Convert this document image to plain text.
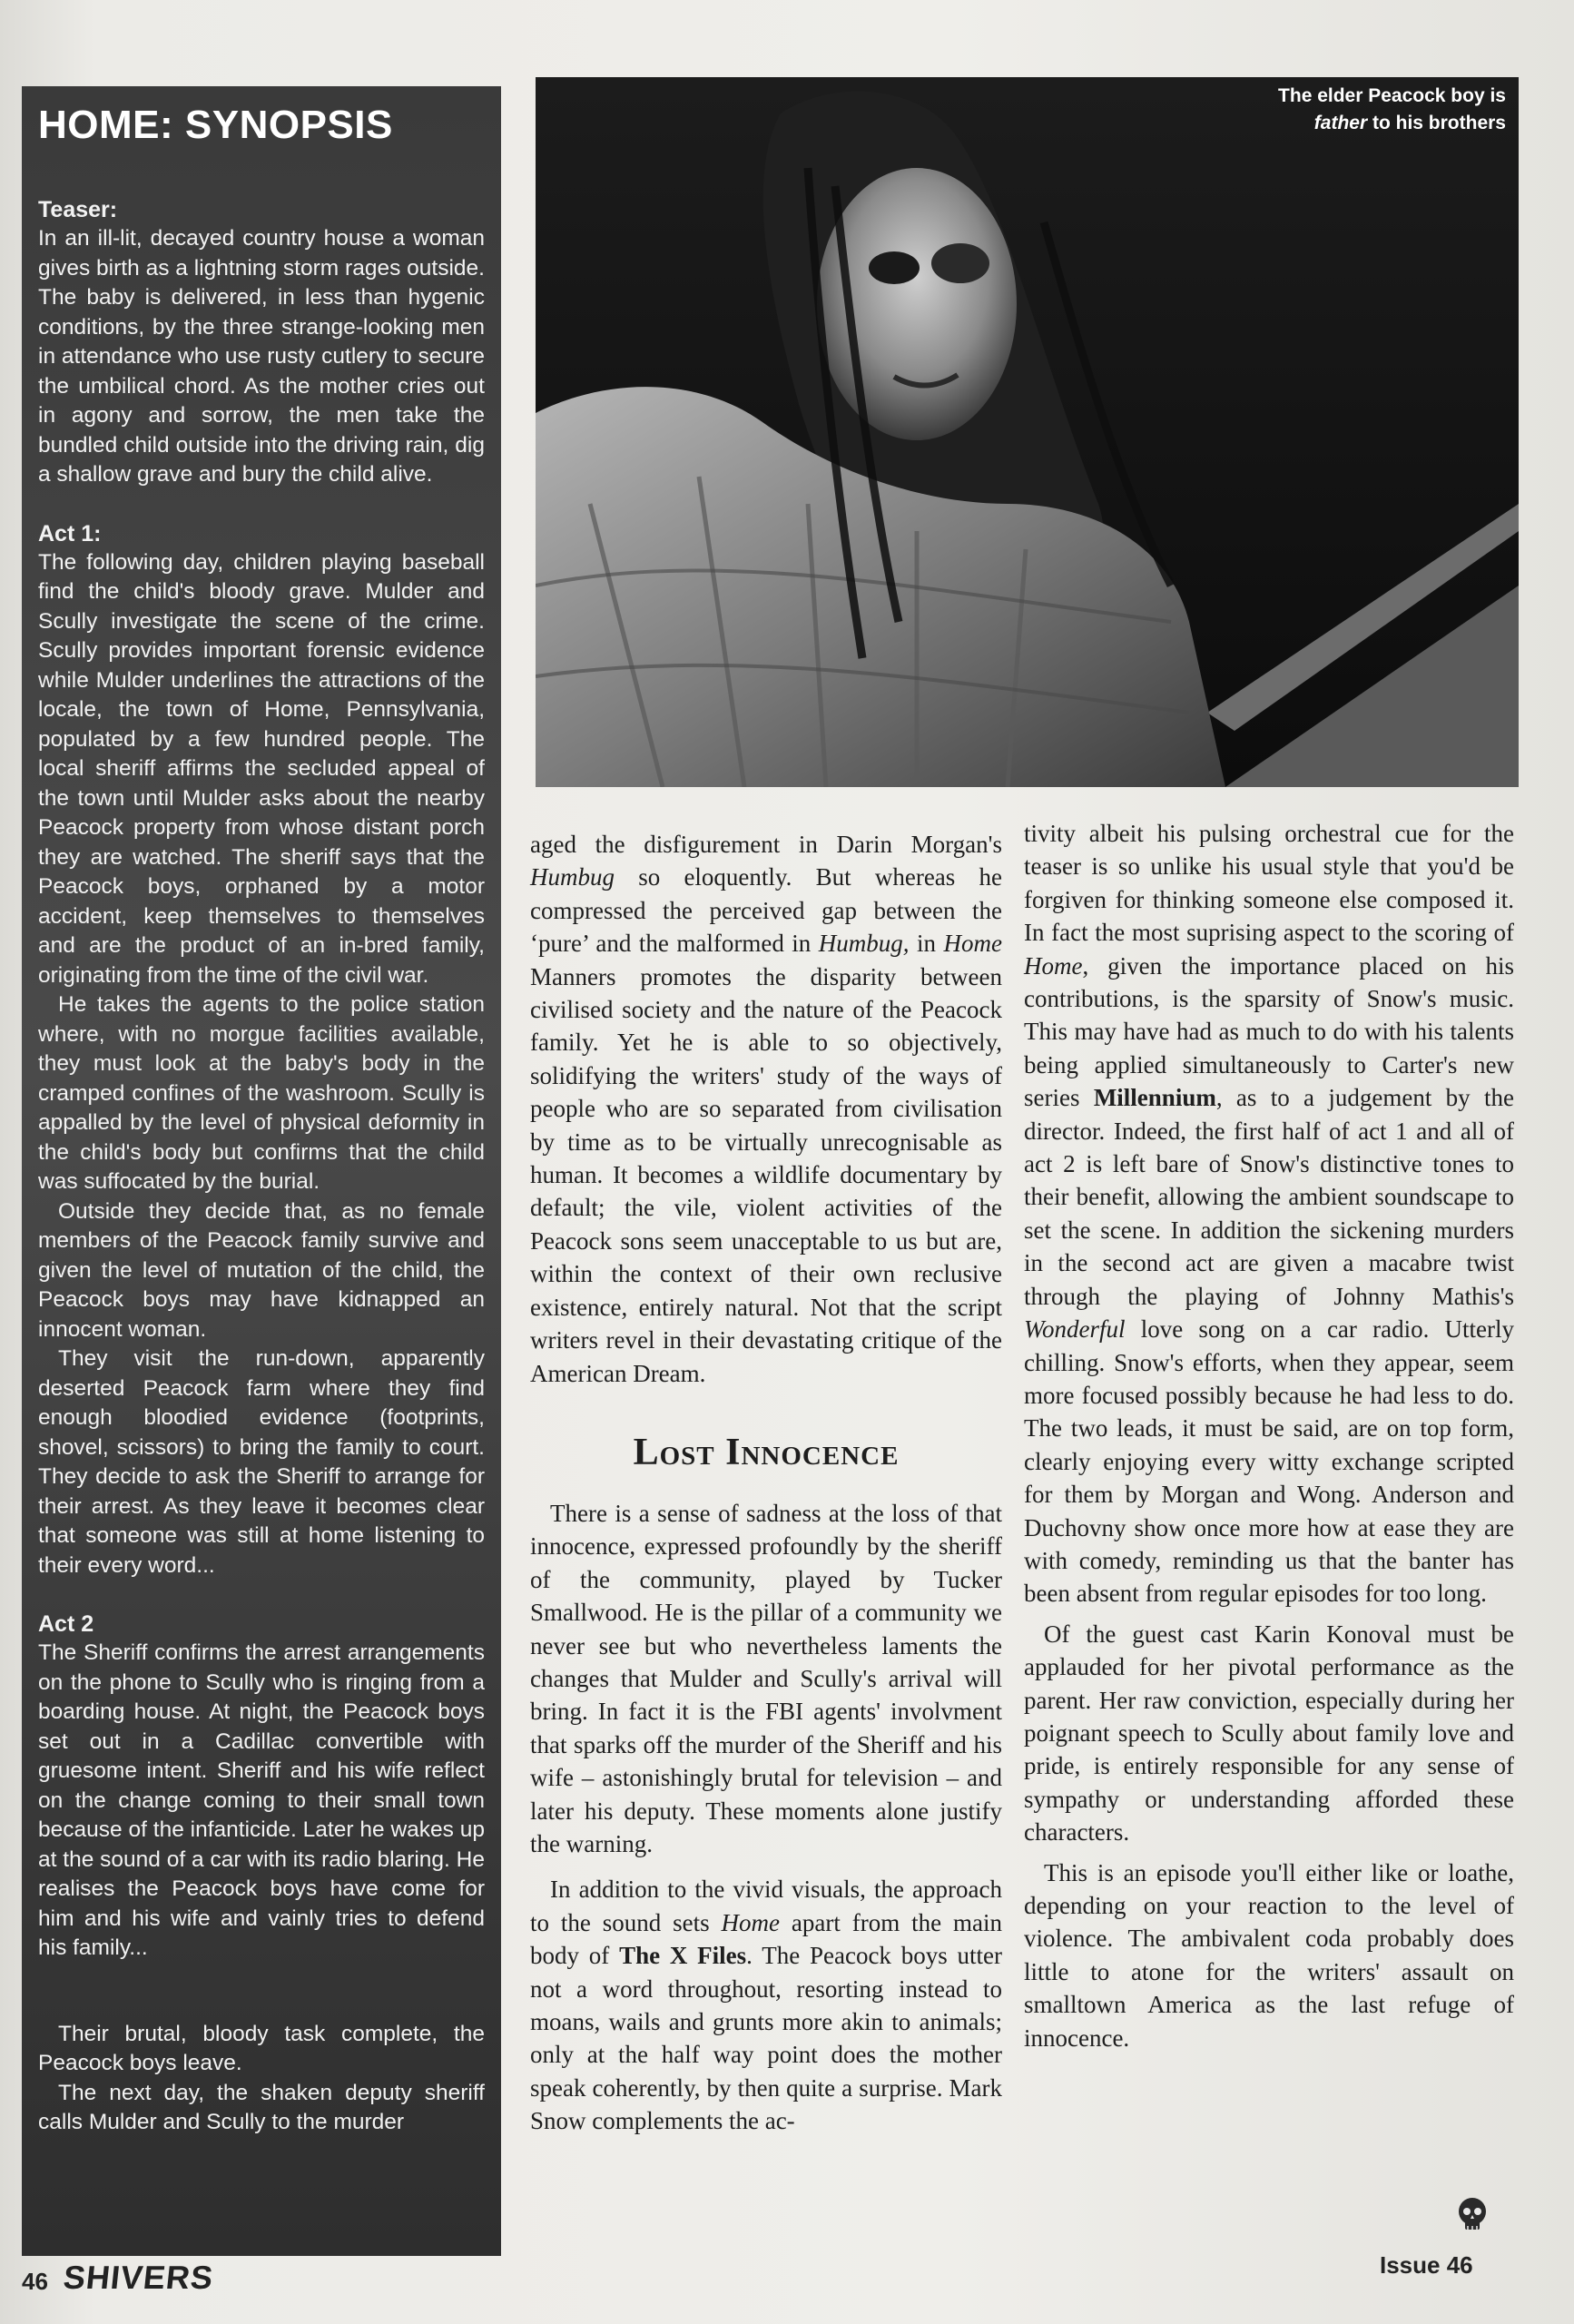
HOME: SYNOPSIS
Teaser:

In an ill-lit, decayed country house a woman gives birth as a lightning storm rages outside. The baby is delivered, in less than hygenic conditions, by the three strange-looking men in attendance who use rusty cutlery to secure the umbilical chord. As the mother cries out in agony and sorrow, the men take the bundled child outside into the driving rain, dig a shallow grave and bury the child alive.

Act 1:

The following day, children playing baseball find the child's bloody grave. Mulder and Scully investigate the scene of the crime. Scully provides important forensic evidence while Mulder underlines the attractions of the locale, the town of Home, Pennsylvania, populated by a few hundred people. The local sheriff affirms the secluded appeal of the town until Mulder asks about the nearby Peacock property from whose distant porch they are watched. The sheriff says that the Peacock boys, orphaned by a motor accident, keep themselves to themselves and are the product of an in-bred family, originating from the time of the civil war.

He takes the agents to the police station where, with no morgue facilities available, they must look at the baby's body in the cramped confines of the washroom. Scully is appalled by the level of physical deformity in the child's body but confirms that the child was suffocated by the burial.

Outside they decide that, as no female members of the Peacock family survive and given the level of mutation of the child, the Peacock boys may have kidnapped an innocent woman.

They visit the run-down, apparently deserted Peacock farm where they find enough bloodied evidence (footprints, shovel, scissors) to bring the family to court. They decide to ask the Sheriff to arrange for their arrest. As they leave it becomes clear that someone was still at home listening to their every word...

Act 2

The Sheriff confirms the arrest arrangements on the phone to Scully who is ringing from a boarding house. At night, the Peacock boys set out in a Cadillac convertible with gruesome intent. Sheriff and his wife reflect on the change coming to their small town because of the infanticide. Later he wakes up at the sound of a car with its radio blaring. He realises the Peacock boys have come for him and his wife and vainly tries to defend his family...

Their brutal, bloody task complete, the Peacock boys leave.

The next day, the shaken deputy sheriff calls Mulder and Scully to the murder

The elder Peacock boy is
father to his brothers

aged the disfigurement in Darin Morgan's Humbug so eloquently. But whereas he compressed the perceived gap between the ‘pure’ and the malformed in Humbug, in Home Manners promotes the disparity between civilised society and the nature of the Peacock family. Yet he is able to so objectively, solidifying the writers' study of the ways of people who are so separated from civilisation by time as to be virtually unrecognisable as human. It becomes a wildlife documentary by default; the vile, violent activities of the Peacock sons seem unacceptable to us but are, within the context of their own reclusive existence, entirely natural. Not that the script writers revel in their devastating critique of the American Dream.

Lost Innocence

There is a sense of sadness at the loss of that innocence, expressed profoundly by the sheriff of the community, played by Tucker Smallwood. He is the pillar of a community we never see but who nevertheless laments the changes that Mulder and Scully's arrival will bring. In fact it is the FBI agents' involvment that sparks off the murder of the Sheriff and his wife – astonishingly brutal for television – and later his deputy. These moments alone justify the warning.

In addition to the vivid visuals, the approach to the sound sets Home apart from the main body of The X Files. The Peacock boys utter not a word throughout, resorting instead to moans, wails and grunts more akin to animals; only at the half way point does the mother speak coherently, by then quite a surprise. Mark Snow complements the ac-

tivity albeit his pulsing orchestral cue for the teaser is so unlike his usual style that you'd be forgiven for thinking someone else composed it. In fact the most suprising aspect to the scoring of Home, given the importance placed on his contributions, is the sparsity of Snow's music. This may have had as much to do with his talents being applied simultaneously to Carter's new series Millennium, as to a judgement by the director. Indeed, the first half of act 1 and all of act 2 is left bare of Snow's distinctive tones to their benefit, allowing the ambient soundscape to set the scene. In addition the sickening murders in the second act are given a macabre twist through the playing of Johnny Mathis's Wonderful love song on a car radio. Utterly chilling. Snow's efforts, when they appear, seem more focused possibly because he had less to do. The two leads, it must be said, are on top form, clearly enjoying every witty exchange scripted for them by Morgan and Wong. Anderson and Duchovny show once more how at ease they are with comedy, reminding us that the banter has been absent from regular episodes for too long.

Of the guest cast Karin Konoval must be applauded for her pivotal performance as the parent. Her raw conviction, especially during her poignant speech to Scully about family love and pride, is entirely responsible for any sense of sympathy or understanding afforded these characters.

This is an episode you'll either like or loathe, depending on your reaction to the level of violence. The ambivalent coda probably does little to atone for the writers' assault on smalltown America as the last refuge of innocence.

46 SHIVERS	Issue 46
